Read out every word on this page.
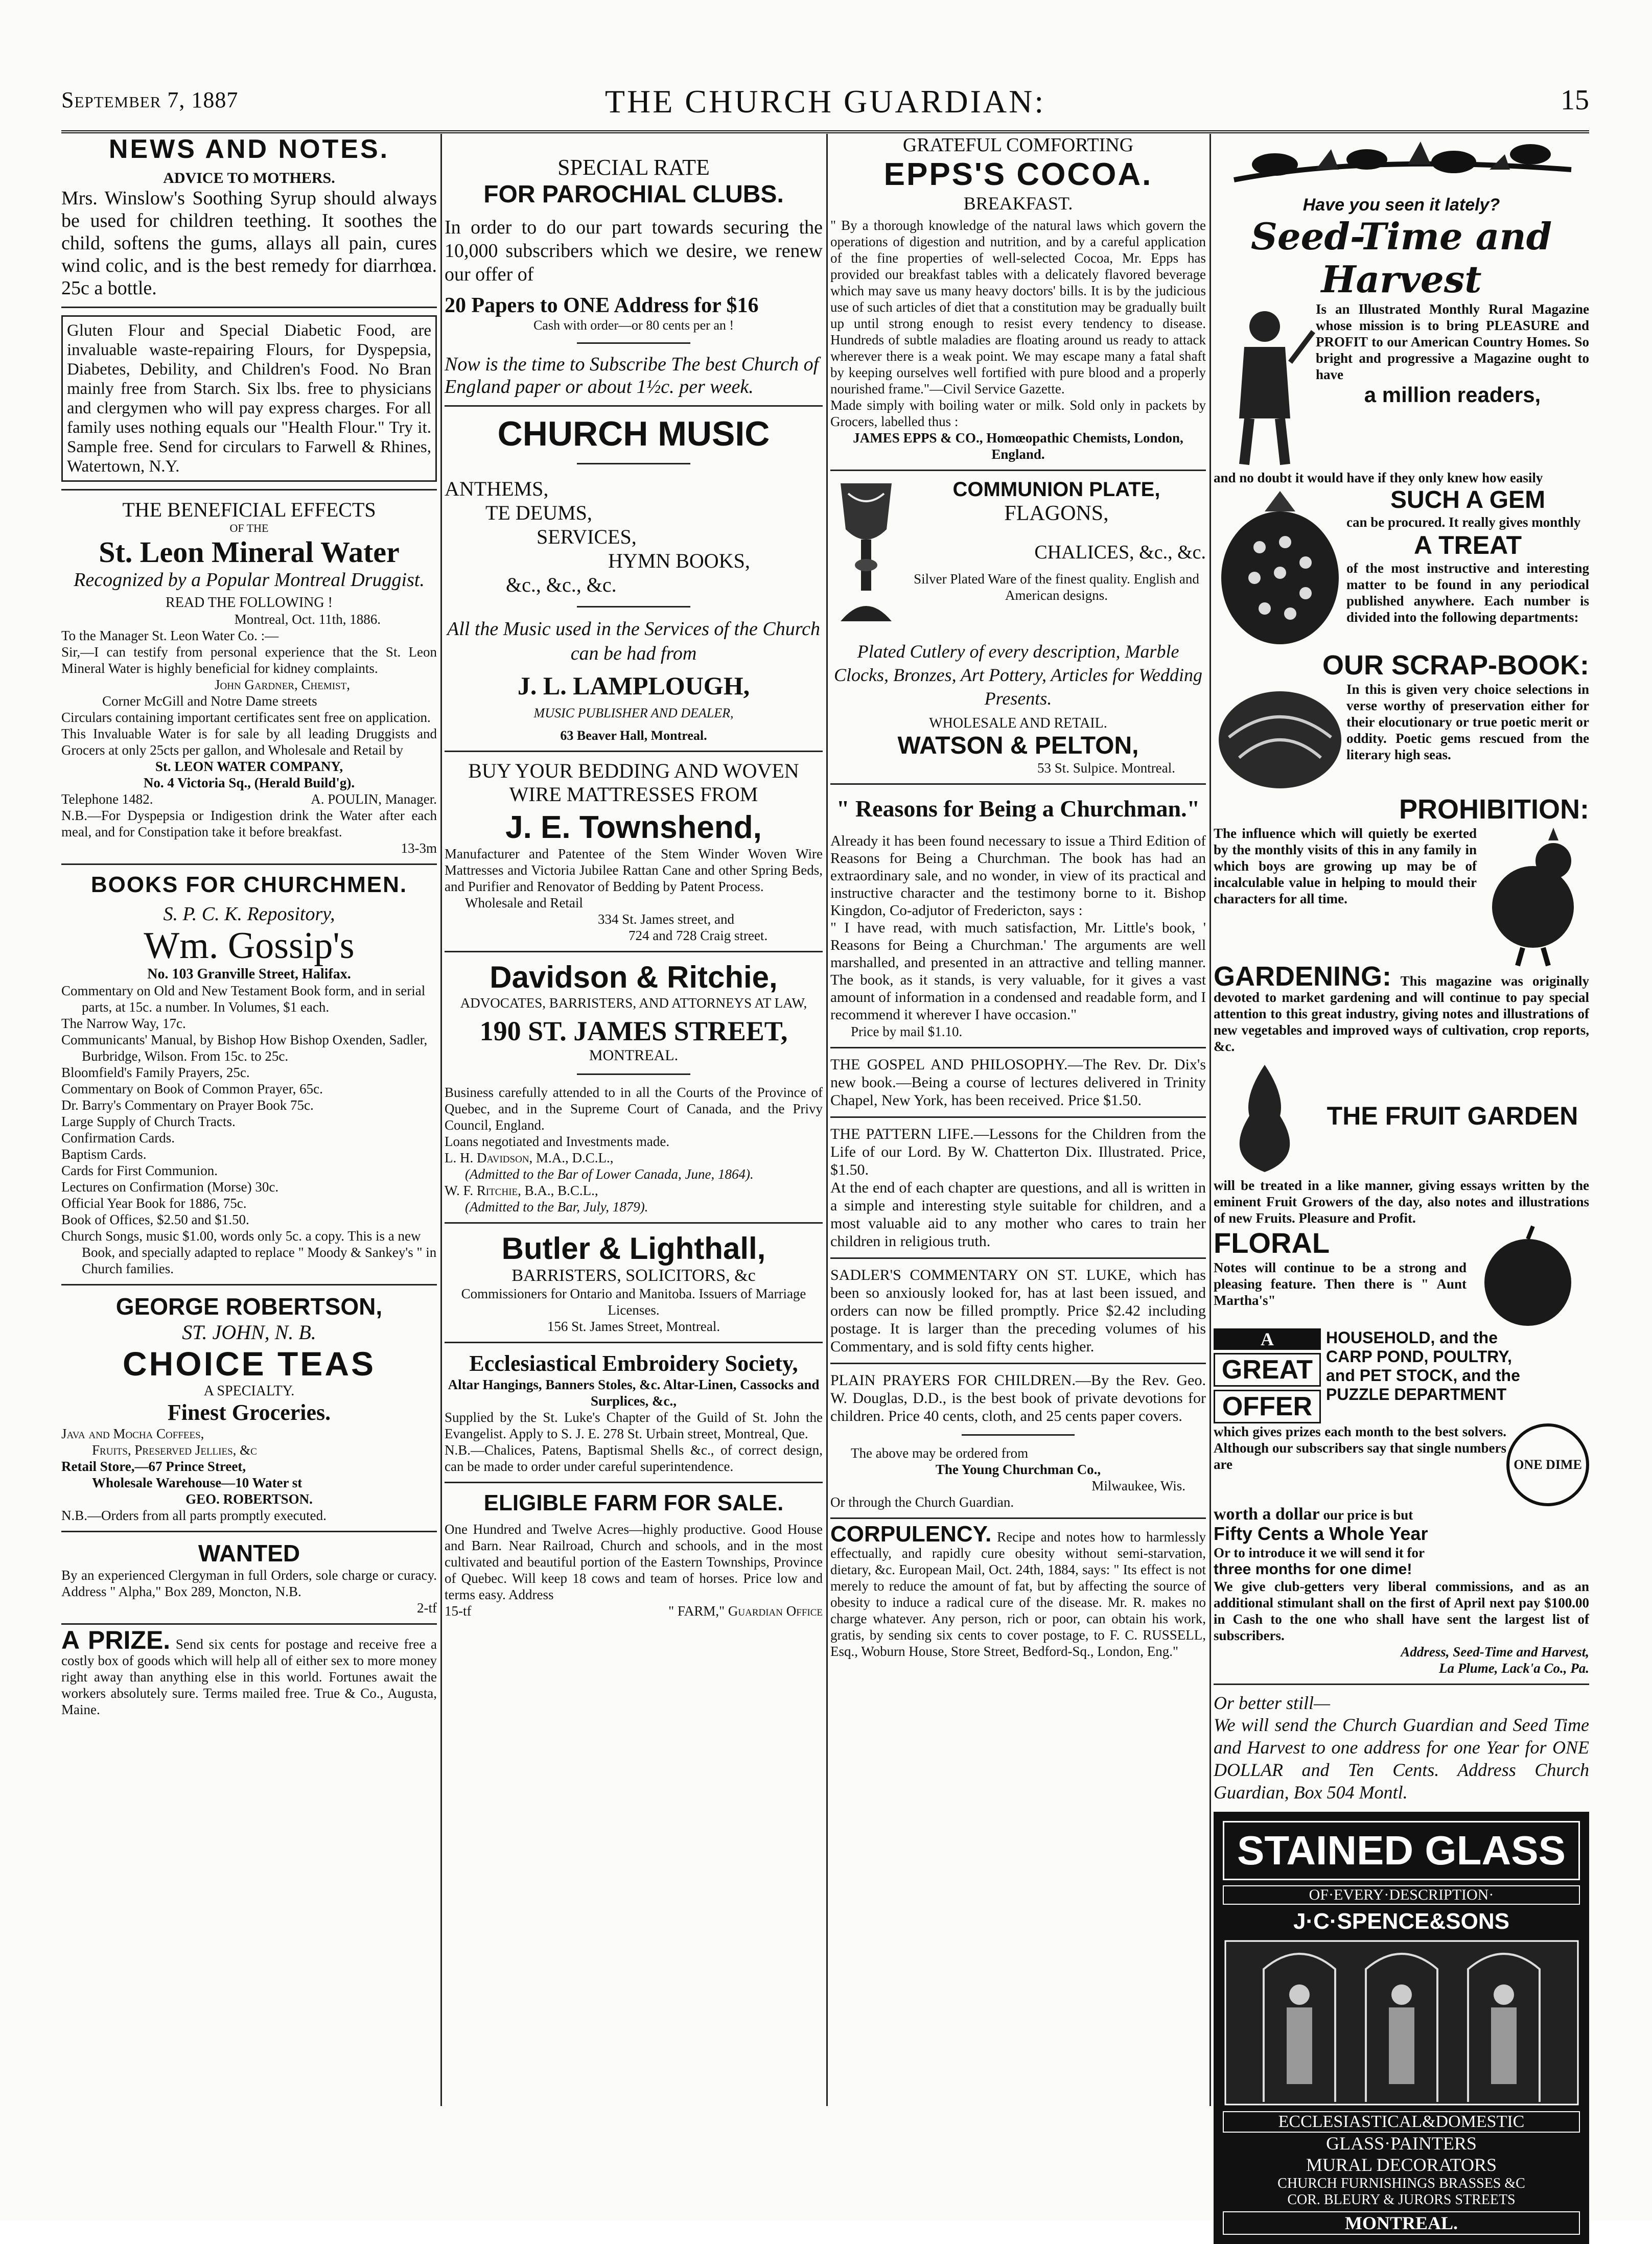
September 7, 1887	THE CHURCH GUARDIAN:	15

NEWS AND NOTES.

ADVICE TO MOTHERS.

Mrs. Winslow's Soothing Syrup should always be used for children teething. It soothes the child, softens the gums, allays all pain, cures wind colic, and is the best remedy for diarrhœa. 25c a bottle.

Gluten Flour and Special Diabetic Food, are invaluable waste-repairing Flours, for Dyspepsia, Diabetes, Debility, and Children's Food. No Bran mainly free from Starch. Six lbs. free to physicians and clergymen who will pay express charges. For all family uses nothing equals our "Health Flour." Try it. Sample free. Send for circulars to Farwell & Rhines, Watertown, N.Y.

THE BENEFICIAL EFFECTS

OF THE

St. Leon Mineral Water

Recognized by a Popular Montreal Druggist.

READ THE FOLLOWING !

Montreal, Oct. 11th, 1886.

To the Manager St. Leon Water Co. :—

Sir,—I can testify from personal experience that the St. Leon Mineral Water is highly beneficial for kidney complaints.

John Gardner, Chemist,

Corner McGill and Notre Dame streets

Circulars containing important certificates sent free on application.

This Invaluable Water is for sale by all leading Druggists and Grocers at only 25cts per gallon, and Wholesale and Retail by

St. LEON WATER COMPANY,

No. 4 Victoria Sq., (Herald Build'g).

Telephone 1482.	A. POULIN, Manager.

N.B.—For Dyspepsia or Indigestion drink the Water after each meal, and for Constipation take it before breakfast.

13-3m

BOOKS FOR CHURCHMEN.

S. P. C. K. Repository,

Wm. Gossip's

No. 103 Granville Street, Halifax.

Commentary on Old and New Testament Book form, and in serial parts, at 15c. a number. In Volumes, $1 each.

The Narrow Way, 17c.

Communicants' Manual, by Bishop How Bishop Oxenden, Sadler, Burbridge, Wilson. From 15c. to 25c.

Bloomfield's Family Prayers, 25c.

Commentary on Book of Common Prayer, 65c.

Dr. Barry's Commentary on Prayer Book 75c.

Large Supply of Church Tracts.

Confirmation Cards.

Baptism Cards.

Cards for First Communion.

Lectures on Confirmation (Morse) 30c.

Official Year Book for 1886, 75c.

Book of Offices, $2.50 and $1.50.

Church Songs, music $1.00, words only 5c. a copy. This is a new Book, and specially adapted to replace " Moody & Sankey's " in Church families.

GEORGE ROBERTSON,

ST. JOHN, N. B.

CHOICE TEAS

A SPECIALTY.

Finest Groceries.

Java and Mocha Coffees,

Fruits, Preserved Jellies, &c

Retail Store,—67 Prince Street,

Wholesale Warehouse—10 Water st

GEO. ROBERTSON.

N.B.—Orders from all parts promptly executed.

WANTED

By an experienced Clergyman in full Orders, sole charge or curacy. Address " Alpha," Box 289, Moncton, N.B.

2-tf

A PRIZE. Send six cents for postage and receive free a costly box of goods which will help all of either sex to more money right away than anything else in this world. Fortunes await the workers absolutely sure. Terms mailed free. True & Co., Augusta, Maine.

SPECIAL RATE

FOR PAROCHIAL CLUBS.

In order to do our part towards securing the 10,000 subscribers which we desire, we renew our offer of

20 Papers to ONE Address for $16

Cash with order—or 80 cents per an !

Now is the time to Subscribe The best Church of England paper or about 1½c. per week.

CHURCH MUSIC

ANTHEMS,

TE DEUMS,

SERVICES,

HYMN BOOKS,

&c., &c., &c.

All the Music used in the Services of the Church can be had from

J. L. LAMPLOUGH,

MUSIC PUBLISHER AND DEALER,

63 Beaver Hall, Montreal.

BUY YOUR BEDDING AND WOVEN WIRE MATTRESSES FROM

J. E. Townshend,

Manufacturer and Patentee of the Stem Winder Woven Wire Mattresses and Victoria Jubilee Rattan Cane and other Spring Beds, and Purifier and Renovator of Bedding by Patent Process.

Wholesale and Retail

334 St. James street, and

724 and 728 Craig street.

Davidson & Ritchie,

ADVOCATES, BARRISTERS, AND ATTORNEYS AT LAW,

190 ST. JAMES STREET,

MONTREAL.

Business carefully attended to in all the Courts of the Province of Quebec, and in the Supreme Court of Canada, and the Privy Council, England.

Loans negotiated and Investments made.

L. H. Davidson, M.A., D.C.L.,

(Admitted to the Bar of Lower Canada, June, 1864).

W. F. Ritchie, B.A., B.C.L.,

(Admitted to the Bar, July, 1879).

Butler & Lighthall,

BARRISTERS, SOLICITORS, &c

Commissioners for Ontario and Manitoba. Issuers of Marriage Licenses.

156 St. James Street, Montreal.

Ecclesiastical Embroidery Society,

Altar Hangings, Banners Stoles, &c. Altar-Linen, Cassocks and Surplices, &c.,

Supplied by the St. Luke's Chapter of the Guild of St. John the Evangelist. Apply to S. J. E. 278 St. Urbain street, Montreal, Que.

N.B.—Chalices, Patens, Baptismal Shells &c., of correct design, can be made to order under careful superintendence.

ELIGIBLE FARM FOR SALE.

One Hundred and Twelve Acres—highly productive. Good House and Barn. Near Railroad, Church and schools, and in the most cultivated and beautiful portion of the Eastern Townships, Province of Quebec. Will keep 18 cows and team of horses. Price low and terms easy. Address

15-tf	" FARM," Guardian Office

GRATEFUL COMFORTING

EPPS'S COCOA.

BREAKFAST.

" By a thorough knowledge of the natural laws which govern the operations of digestion and nutrition, and by a careful application of the fine properties of well-selected Cocoa, Mr. Epps has provided our breakfast tables with a delicately flavored beverage which may save us many heavy doctors' bills. It is by the judicious use of such articles of diet that a constitution may be gradually built up until strong enough to resist every tendency to disease. Hundreds of subtle maladies are floating around us ready to attack wherever there is a weak point. We may escape many a fatal shaft by keeping ourselves well fortified with pure blood and a properly nourished frame."—Civil Service Gazette.

Made simply with boiling water or milk. Sold only in packets by Grocers, labelled thus :

JAMES EPPS & CO., Homœopathic Chemists, London, England.

COMMUNION PLATE,

FLAGONS,

CHALICES, &c., &c.

Silver Plated Ware of the finest quality. English and American designs.

Plated Cutlery of every description, Marble Clocks, Bronzes, Art Pottery, Articles for Wedding Presents.

WHOLESALE AND RETAIL.

WATSON & PELTON,

53 St. Sulpice. Montreal.

" Reasons for Being a Churchman."

Already it has been found necessary to issue a Third Edition of Reasons for Being a Churchman. The book has had an extraordinary sale, and no wonder, in view of its practical and instructive character and the testimony borne to it. Bishop Kingdon, Co-adjutor of Fredericton, says :

" I have read, with much satisfaction, Mr. Little's book, ' Reasons for Being a Churchman.' The arguments are well marshalled, and presented in an attractive and telling manner. The book, as it stands, is very valuable, for it gives a vast amount of information in a condensed and readable form, and I recommend it wherever I have occasion."

Price by mail $1.10.

THE GOSPEL AND PHILOSOPHY.—The Rev. Dr. Dix's new book.—Being a course of lectures delivered in Trinity Chapel, New York, has been received. Price $1.50.

THE PATTERN LIFE.—Lessons for the Children from the Life of our Lord. By W. Chatterton Dix. Illustrated. Price, $1.50.

At the end of each chapter are questions, and all is written in a simple and interesting style suitable for children, and a most valuable aid to any mother who cares to train her children in religious truth.

SADLER'S COMMENTARY ON ST. LUKE, which has been so anxiously looked for, has at last been issued, and orders can now be filled promptly. Price $2.42 including postage. It is larger than the preceding volumes of his Commentary, and is sold fifty cents higher.

PLAIN PRAYERS FOR CHILDREN.—By the Rev. Geo. W. Douglas, D.D., is the best book of private devotions for children. Price 40 cents, cloth, and 25 cents paper covers.

The above may be ordered from

The Young Churchman Co.,

Milwaukee, Wis.

Or through the Church Guardian.

CORPULENCY. Recipe and notes how to harmlessly effectually, and rapidly cure obesity without semi-starvation, dietary, &c. European Mail, Oct. 24th, 1884, says: " Its effect is not merely to reduce the amount of fat, but by affecting the source of obesity to induce a radical cure of the disease. Mr. R. makes no charge whatever. Any person, rich or poor, can obtain his work, gratis, by sending six cents to cover postage, to F. C. RUSSELL, Esq., Woburn House, Store Street, Bedford-Sq., London, Eng."

Have you seen it lately?

Seed-Time and Harvest

Is an Illustrated Monthly Rural Magazine whose mission is to bring PLEASURE and PROFIT to our American Country Homes. So bright and progressive a Magazine ought to have

a million readers,

and no doubt it would have if they only knew how easily

SUCH A GEM

can be procured. It really gives monthly

A TREAT

of the most instructive and interesting matter to be found in any periodical published anywhere. Each number is divided into the following departments:

OUR SCRAP-BOOK:

In this is given very choice selections in verse worthy of preservation either for their elocutionary or true poetic merit or oddity. Poetic gems rescued from the literary high seas.

PROHIBITION:

The influence which will quietly be exerted by the monthly visits of this in any family in which boys are growing up may be of incalculable value in helping to mould their characters for all time.

GARDENING: This magazine was originally devoted to market gardening and will continue to pay special attention to this great industry, giving notes and illustrations of new vegetables and improved ways of cultivation, crop reports, &c.

THE FRUIT GARDEN

will be treated in a like manner, giving essays written by the eminent Fruit Growers of the day, also notes and illustrations of new Fruits. Pleasure and Profit.

FLORAL

Notes will continue to be a strong and pleasing feature. Then there is " Aunt Martha's"

A
GREAT
OFFER

HOUSEHOLD, and the

CARP POND, POULTRY,

and PET STOCK, and the

PUZZLE DEPARTMENT

which gives prizes each month to the best solvers. Although our subscribers say that single numbers are	ONE DIME

worth a dollar our price is but

Fifty Cents a Whole Year

Or to introduce it we will send it for

three months for one dime!

We give club-getters very liberal commissions, and as an additional stimulant shall on the first of April next pay $100.00 in Cash to the one who shall have sent the largest list of subscribers.

Address, Seed-Time and Harvest,

La Plume, Lack'a Co., Pa.

Or better still—

We will send the Church Guardian and Seed Time and Harvest to one address for one Year for ONE DOLLAR and Ten Cents. Address Church Guardian, Box 504 Montl.

STAINED GLASS
OF·EVERY·DESCRIPTION·
J·C·SPENCE&SONS
ECCLESIASTICAL&DOMESTIC
GLASS·PAINTERS
MURAL DECORATORS
CHURCH FURNISHINGS BRASSES &C
COR. BLEURY & JURORS STREETS
MONTREAL.
